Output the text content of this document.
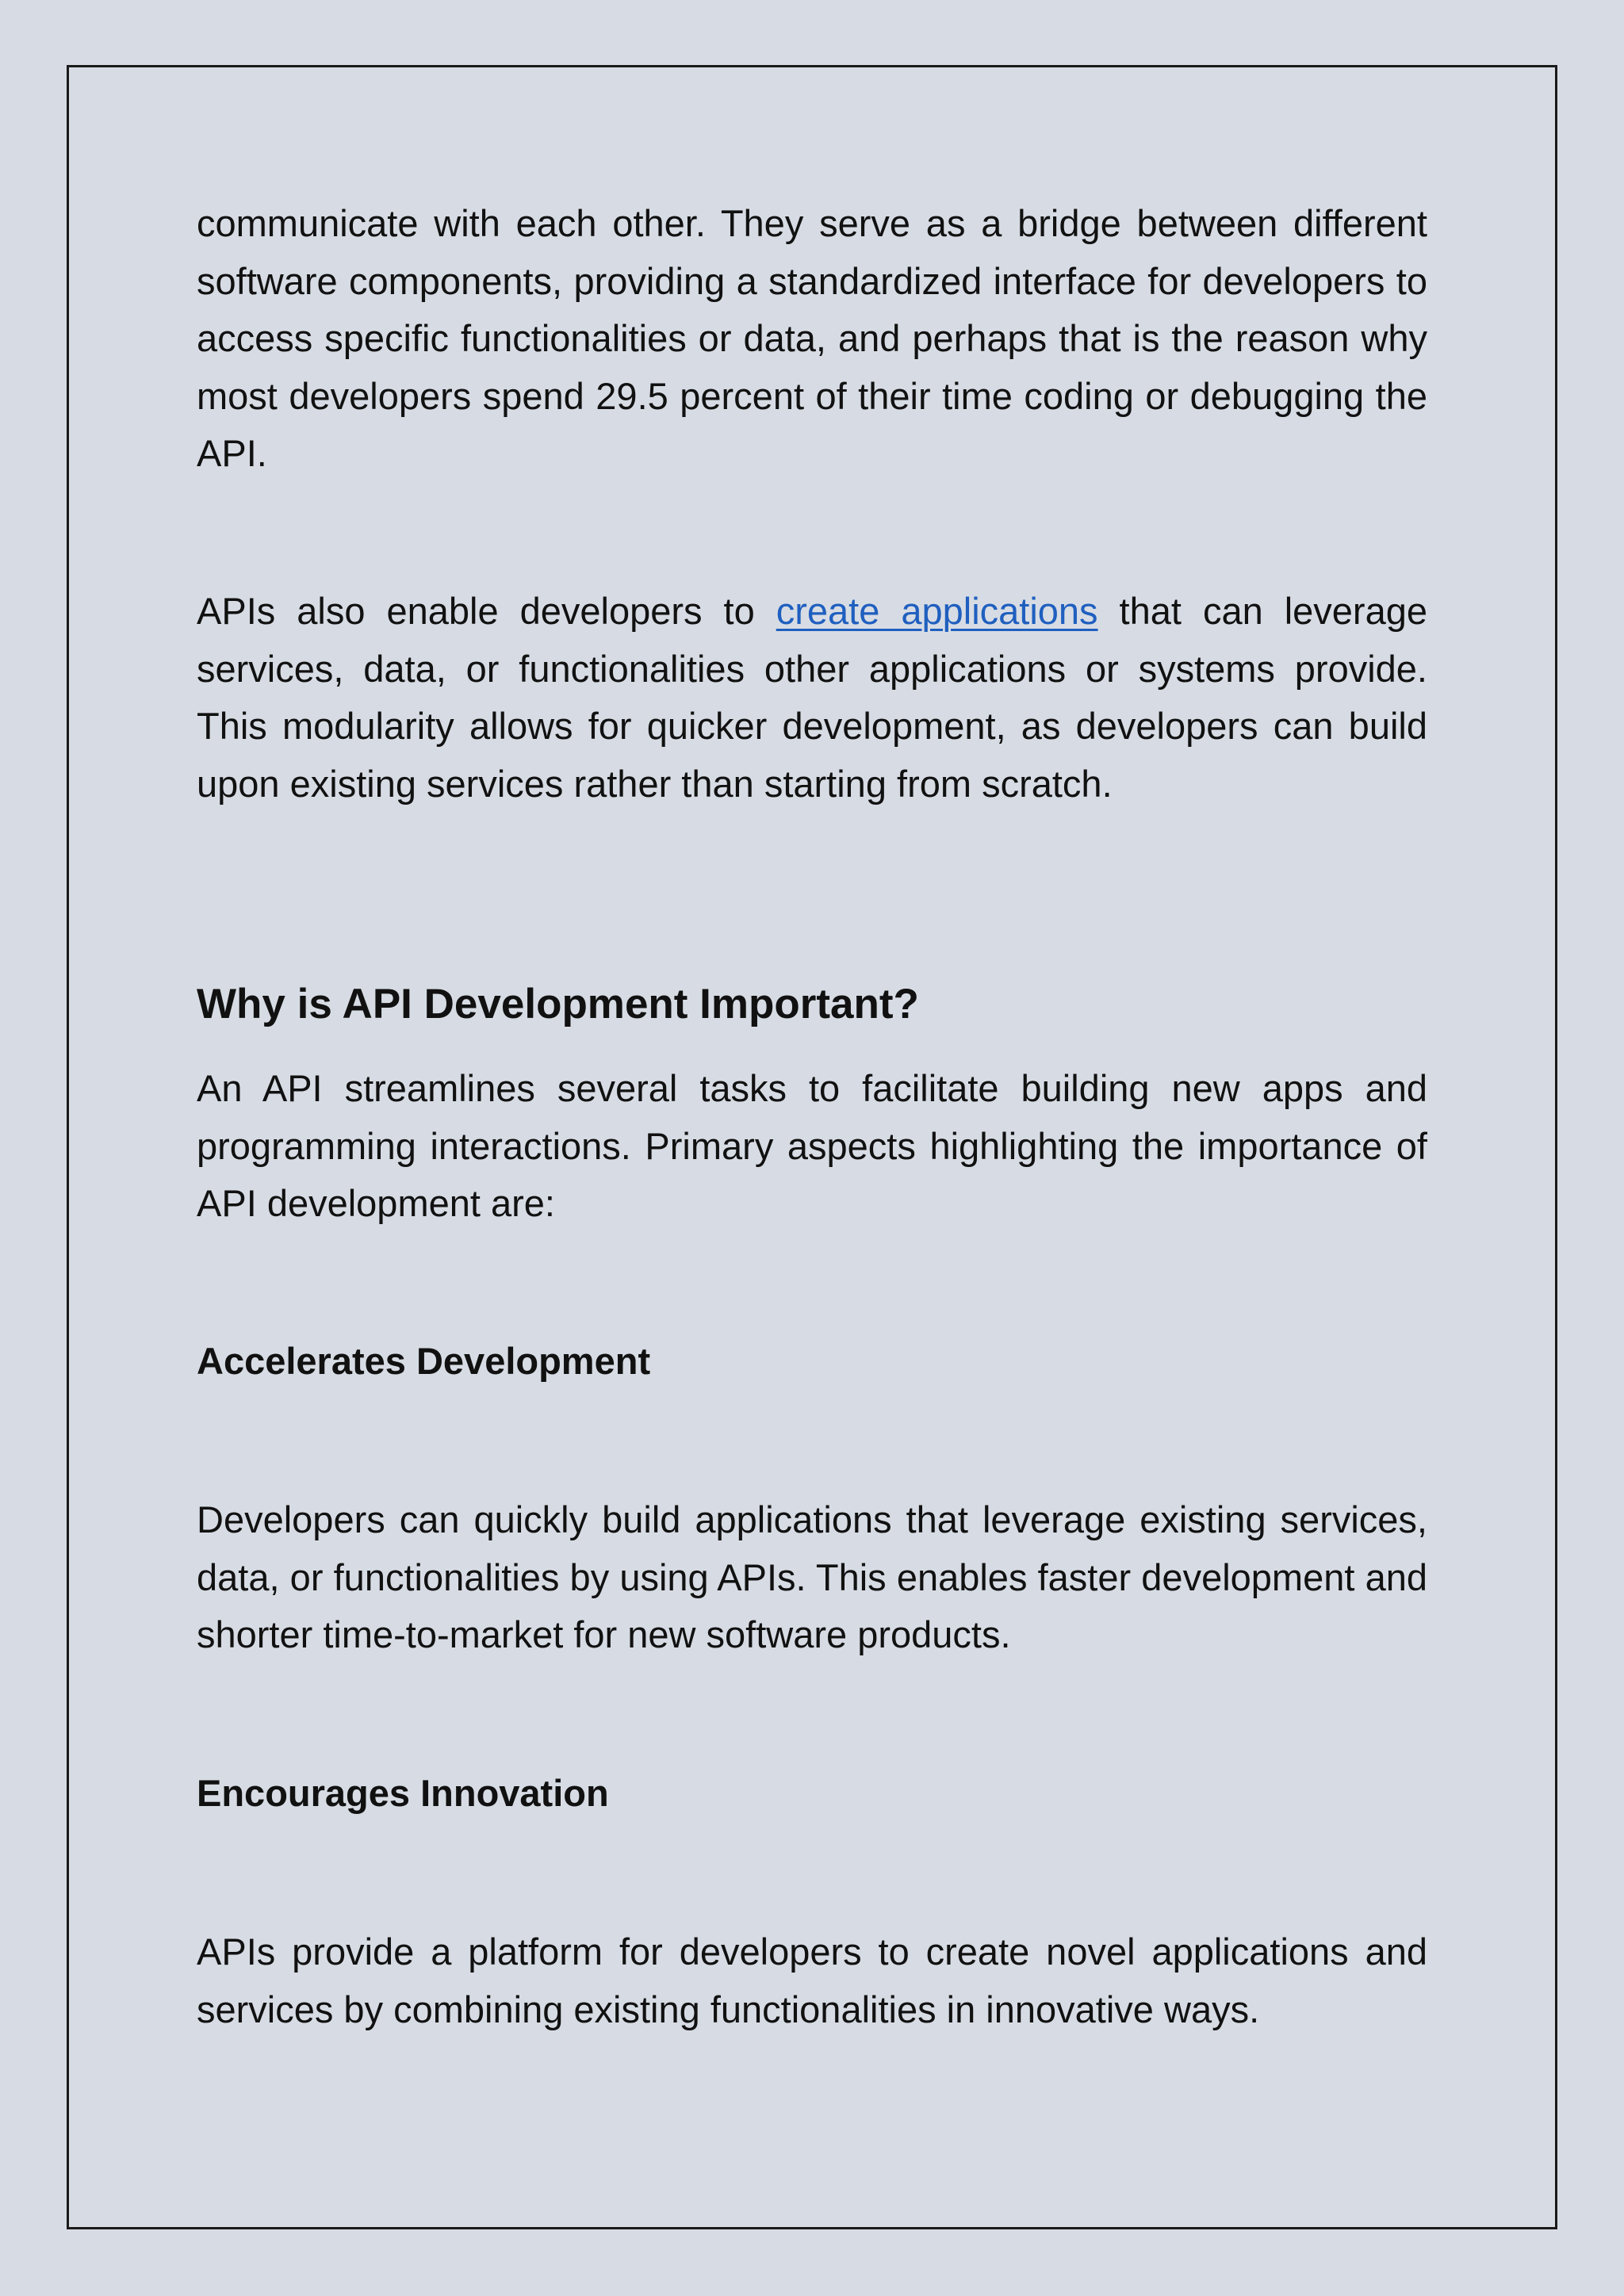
communicate with each other. They serve as a bridge between different software components, providing a standardized interface for developers to access specific functionalities or data, and perhaps that is the reason why most developers spend 29.5 percent of their time coding or debugging the API.

APIs also enable developers to create applications that can leverage services, data, or functionalities other applications or systems provide. This modularity allows for quicker development, as developers can build upon existing services rather than starting from scratch.

Why is API Development Important?

An API streamlines several tasks to facilitate building new apps and programming interactions. Primary aspects highlighting the importance of API development are:

Accelerates Development

Developers can quickly build applications that leverage existing services, data, or functionalities by using APIs. This enables faster development and shorter time-to-market for new software products.

Encourages Innovation

APIs provide a platform for developers to create novel applications and services by combining existing functionalities in innovative ways.
